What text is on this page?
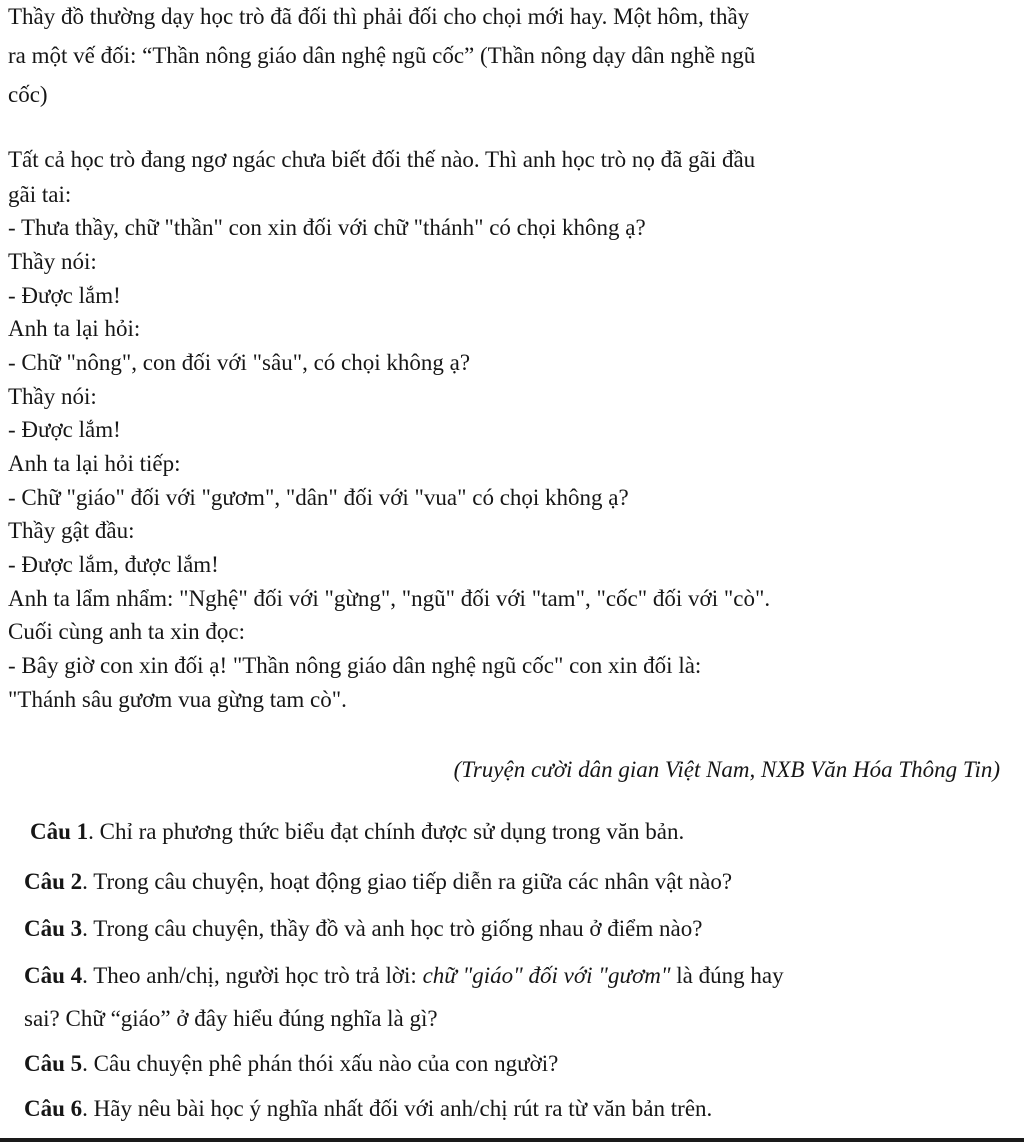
Thầy đồ thường dạy học trò đã đối thì phải đối cho chọi mới hay. Một hôm, thầy
ra một vế đối: “Thần nông giáo dân nghệ ngũ cốc” (Thần nông dạy dân nghề ngũ
cốc)
Tất cả học trò đang ngơ ngác chưa biết đối thế nào. Thì anh học trò nọ đã gãi đầu
gãi tai:
- Thưa thầy, chữ "thần" con xin đối với chữ "thánh" có chọi không ạ?
Thầy nói:
- Được lắm!
Anh ta lại hỏi:
- Chữ "nông", con đối với "sâu", có chọi không ạ?
Thầy nói:
- Được lắm!
Anh ta lại hỏi tiếp:
- Chữ "giáo" đối với "gươm", "dân" đối với "vua" có chọi không ạ?
Thầy gật đầu:
- Được lắm, được lắm!
Anh ta lẩm nhẩm: "Nghệ" đối với "gừng", "ngũ" đối với "tam", "cốc" đối với "cò".
Cuối cùng anh ta xin đọc:
- Bây giờ con xin đối ạ! "Thần nông giáo dân nghệ ngũ cốc" con xin đối là:
"Thánh sâu gươm vua gừng tam cò".
(Truyện cười dân gian Việt Nam, NXB Văn Hóa Thông Tin)
Câu 1. Chỉ ra phương thức biểu đạt chính được sử dụng trong văn bản.
Câu 2. Trong câu chuyện, hoạt động giao tiếp diễn ra giữa các nhân vật nào?
Câu 3. Trong câu chuyện, thầy đồ và anh học trò giống nhau ở điểm nào?
Câu 4. Theo anh/chị, người học trò trả lời: chữ "giáo" đối với "gươm" là đúng hay
sai? Chữ “giáo” ở đây hiểu đúng nghĩa là gì?
Câu 5. Câu chuyện phê phán thói xấu nào của con người?
Câu 6. Hãy nêu bài học ý nghĩa nhất đối với anh/chị rút ra từ văn bản trên.
